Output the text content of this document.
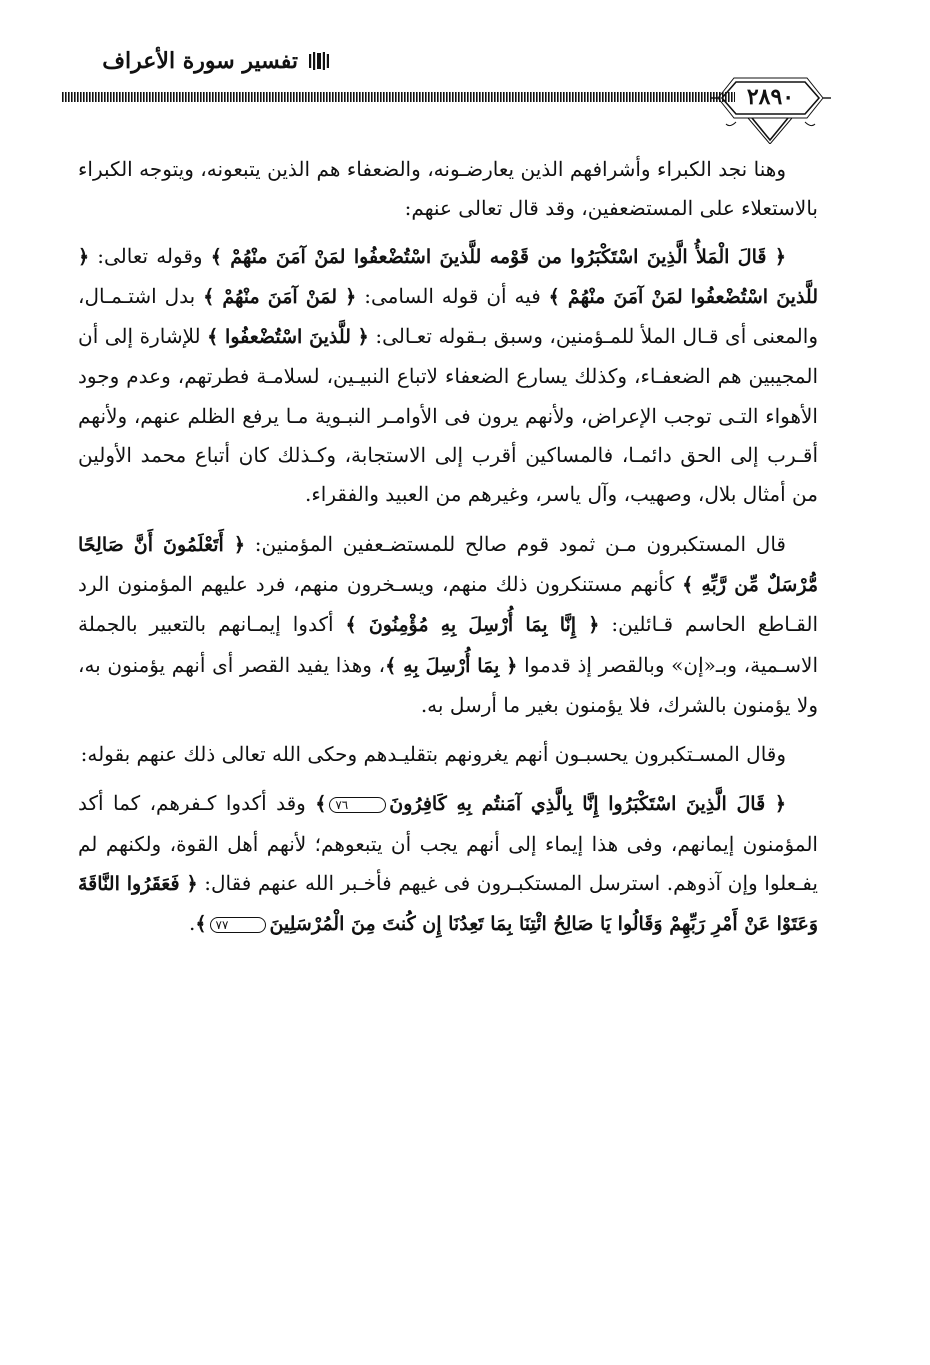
تفسير سورة الأعراف
٢٨٩٠

وهنا نجد الكبراء وأشرافهم الذين يعارضـونه، والضعفاء هم الذين يتبعونه، ويتوجه الكبراء بالاستعلاء على المستضعفين، وقد قال تعالى عنهم:

﴿ قَالَ الْمَلأُ الَّذِينَ اسْتَكْبَرُوا من قَوْمه للَّذينَ اسْتُضْعفُوا لمَنْ آمَنَ منْهُمْ ﴾ وقوله تعالى: ﴿ للَّذينَ اسْتُضْعفُوا لمَنْ آمَنَ منْهُمْ ﴾ فيه أن قوله السامى: ﴿ لمَنْ آمَنَ منْهُمْ ﴾ بدل اشتـمـال، والمعنى أى قـال الملأ للمـؤمنين، وسبق بـقوله تعـالى: ﴿ للَّذينَ اسْتُضْعفُوا ﴾ للإشارة إلى أن المجيبين هم الضعفـاء، وكذلك يسارع الضعفاء لاتباع النبيـين، لسلامـة فطرتهم، وعدم وجود الأهواء التـى توجب الإعراض، ولأنهم يرون فى الأوامـر النبـوية مـا يرفع الظلم عنهم، ولأنهم أقـرب إلى الحق دائمـا، فالمساكين أقرب إلى الاستجابة، وكـذلك كان أتباع محمد الأولين من أمثال بلال، وصهيب، وآل ياسر، وغيرهم من العبيد والفقراء.

قال المستكبرون مـن ثمود قوم صالح للمستضـعفين المؤمنين: ﴿ أَتَعْلَمُونَ أَنَّ صَالِحًا مُّرْسَلٌ مِّن رَّبِّهِ ﴾ كأنهم مستنكرون ذلك منهم، ويسـخرون منهم، فرد عليهم المؤمنون الرد القـاطع الحاسم قـائلين: ﴿ إِنَّا بِمَا أُرْسِلَ بِهِ مُؤْمِنُونَ ﴾ أكدوا إيمـانهم بالتعبير بالجملة الاسـمية، وبـ«إن» وبالقصر إذ قدموا ﴿ بِمَا أُرْسِلَ بِهِ ﴾، وهذا يفيد القصر أى أنهم يؤمنون به، ولا يؤمنون بالشرك، فلا يؤمنون بغير ما أرسل به.

وقال المسـتكبرون يحسبـون أنهم يغرونهم بتقليـدهم وحكى الله تعالى ذلك عنهم بقوله:

﴿ قَالَ الَّذِينَ اسْتَكْبَرُوا إِنَّا بِالَّذِي آمَنتُم بِهِ كَافِرُونَ٧٦﴾ وقد أكدوا كـفرهم، كما أكد المؤمنون إيمانهم، وفى هذا إيماء إلى أنهم يجب أن يتبعوهم؛ لأنهم أهل القوة، ولكنهم لم يفـعلوا وإن آذوهم. استرسل المستكبـرون فى غيهم فأخـبر الله عنهم فقال: ﴿ فَعَقَرُوا النَّاقَةَ وَعَتَوْا عَنْ أَمْرِ رَبِّهِمْ وَقَالُوا يَا صَالِحُ ائْتِنَا بِمَا تَعِدُنَا إِن كُنتَ مِنَ الْمُرْسَلِينَ٧٧﴾.
